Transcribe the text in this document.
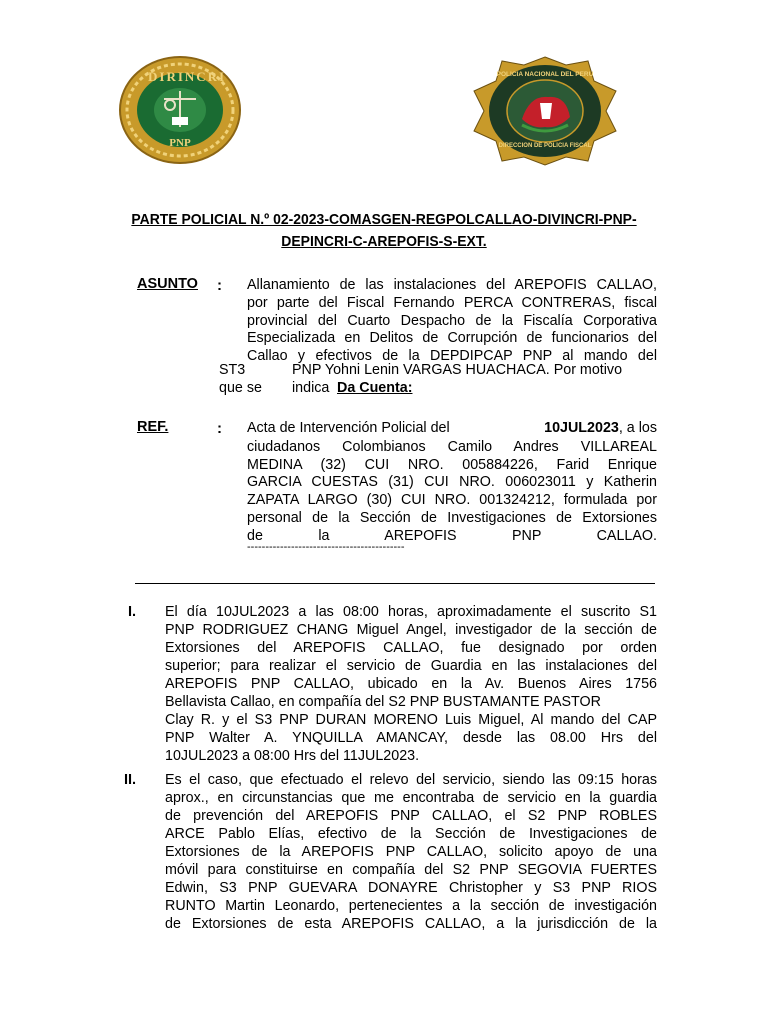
DIRINCRI
PNP
POLICIA NACIONAL DEL PERU
DIRECCION DE POLICIA FISCAL
PARTE POLICIAL N.º 02-2023-COMASGEN-REGPOLCALLAO-DIVINCRI-PNP-
DEPINCRI-C-AREPOFIS-S-EXT.
ASUNTO : Allanamiento de las instalaciones del AREPOFIS CALLAO,
por parte del Fiscal Fernando PERCA CONTRERAS, fiscal
provincial del Cuarto Despacho de la Fiscalía Corporativa
Especializada en Delitos de Corrupción de funcionarios del
Callao y efectivos de la DEPDIPCAP PNP al mando del
ST3	PNP Yohni Lenin VARGAS HUACHACA. Por motivo
que se indica Da Cuenta:
REF.	: Acta de Intervención Policial del	10JUL2023, a los
ciudadanos Colombianos Camilo Andres VILLAREAL
MEDINA (32) CUI NRO. 005884226, Farid Enrique
GARCIA CUESTAS (31) CUI NRO. 006023011 y Katherin
ZAPATA LARGO (30) CUI NRO. 001324212, formulada por
personal de la Sección de Investigaciones de Extorsiones
de la AREPOFIS PNP CALLAO.
-------------------------------------------
I. El día 10JUL2023 a las 08:00 horas, aproximadamente el suscrito S1
PNP RODRIGUEZ CHANG Miguel Angel, investigador de la sección de
Extorsiones del AREPOFIS CALLAO, fue designado por orden
superior; para realizar el servicio de Guardia en las instalaciones del
AREPOFIS PNP CALLAO, ubicado en la Av. Buenos Aires 1756
Bellavista Callao, en compañía del S2 PNP BUSTAMANTE PASTOR
Clay R. y el S3 PNP DURAN MORENO Luis Miguel, Al mando del CAP
PNP Walter A. YNQUILLA AMANCAY, desde las 08.00 Hrs del
10JUL2023 a 08:00 Hrs del 11JUL2023.
II. Es el caso, que efectuado el relevo del servicio, siendo las 09:15 horas
aprox., en circunstancias que me encontraba de servicio en la guardia
de prevención del AREPOFIS PNP CALLAO, el S2 PNP ROBLES
ARCE Pablo Elías, efectivo de la Sección de Investigaciones de
Extorsiones de la AREPOFIS PNP CALLAO, solicito apoyo de una
móvil para constituirse en compañía del S2 PNP SEGOVIA FUERTES
Edwin, S3 PNP GUEVARA DONAYRE Christopher y S3 PNP RIOS
RUNTO Martin Leonardo, pertenecientes a la sección de investigación
de Extorsiones de esta AREPOFIS CALLAO, a la jurisdicción de la
